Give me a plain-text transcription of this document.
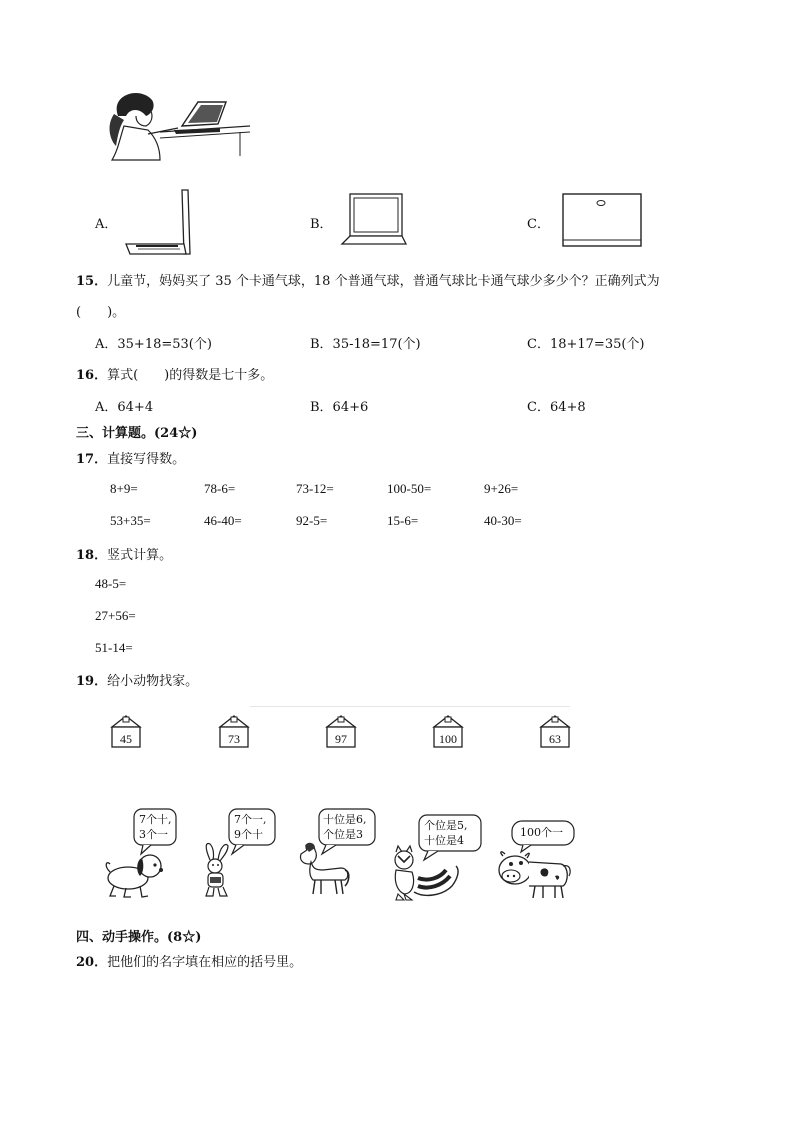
A．	B．	C．
15．儿童节，妈妈买了 35 个卡通气球，18 个普通气球，普通气球比卡通气球少多少个？正确列式为
(　　)。
A．35+18=53(个)	B．35-18=17(个)	C．18+17=35(个)
16．算式(　　)的得数是七十多。
A．64+4	B．64+6	C．64+8
三、计算题。(24☆)
17．直接写得数。
8+9=	78-6=	73-12=	100-50=	9+26=
53+35=	46-40=	92-5=	15-6=	40-30=
18．竖式计算。
48-5=
27+56=
51-14=
19．给小动物找家。
45	73	97	100	63
7个十,
3个一
7个一,
9个十
十位是6,
个位是3
个位是5,
十位是4
100个一
四、动手操作。(8☆)
20．把他们的名字填在相应的括号里。
